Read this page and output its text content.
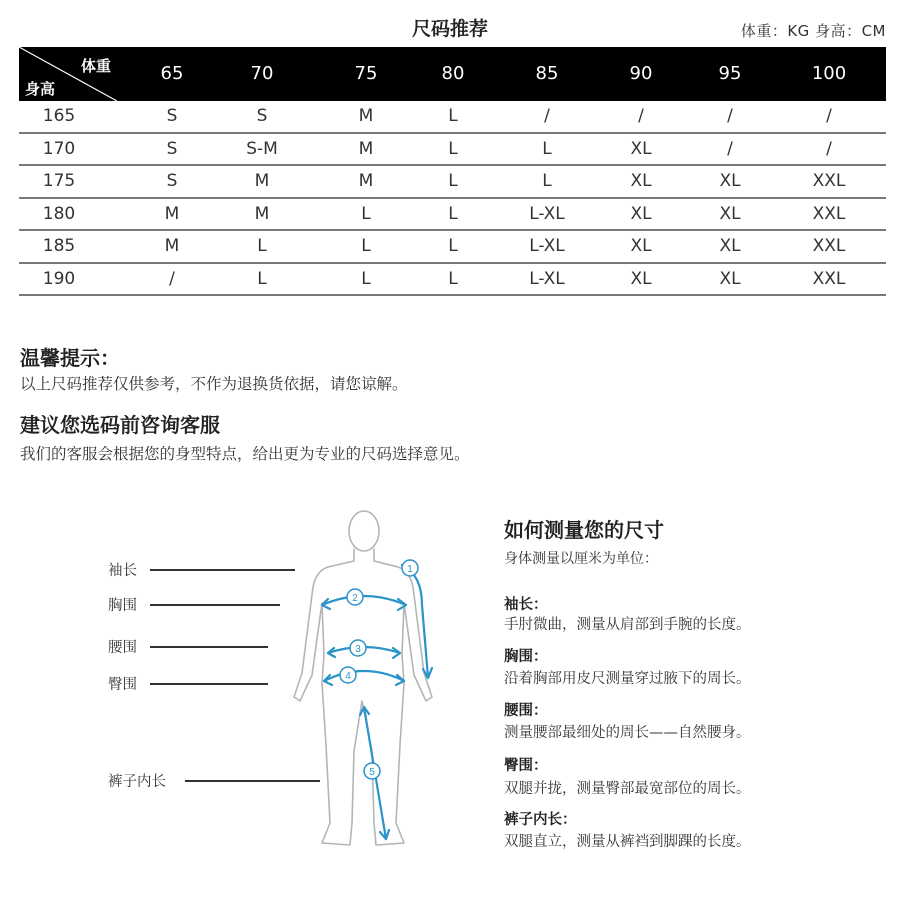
尺码推荐	体重：KG 身高：CM
体重
身高
65	70	75	80	85	90	95	100
165	S	S	M	L	/	/	/	/
170	S	S-M	M	L	L	XL	/	/
175	S	M	M	L	L	XL	XL	XXL
180	M	M	L	L	L-XL	XL	XL	XXL
185	M	L	L	L	L-XL	XL	XL	XXL
190	/	L	L	L	L-XL	XL	XL	XXL
温馨提示：
以上尺码推荐仅供参考，不作为退换货依据，请您谅解。
建议您选码前咨询客服
我们的客服会根据您的身型特点，给出更为专业的尺码选择意见。
袖长
胸围
腰围
臀围
裤子内长
1
2
3
4
5
如何测量您的尺寸
身体测量以厘米为单位：
袖长：
手肘微曲，测量从肩部到手腕的长度。
胸围：
沿着胸部用皮尺测量穿过腋下的周长。
腰围：
测量腰部最细处的周长——自然腰身。
臀围：
双腿并拢，测量臀部最宽部位的周长。
裤子内长：
双腿直立，测量从裤裆到脚踝的长度。
